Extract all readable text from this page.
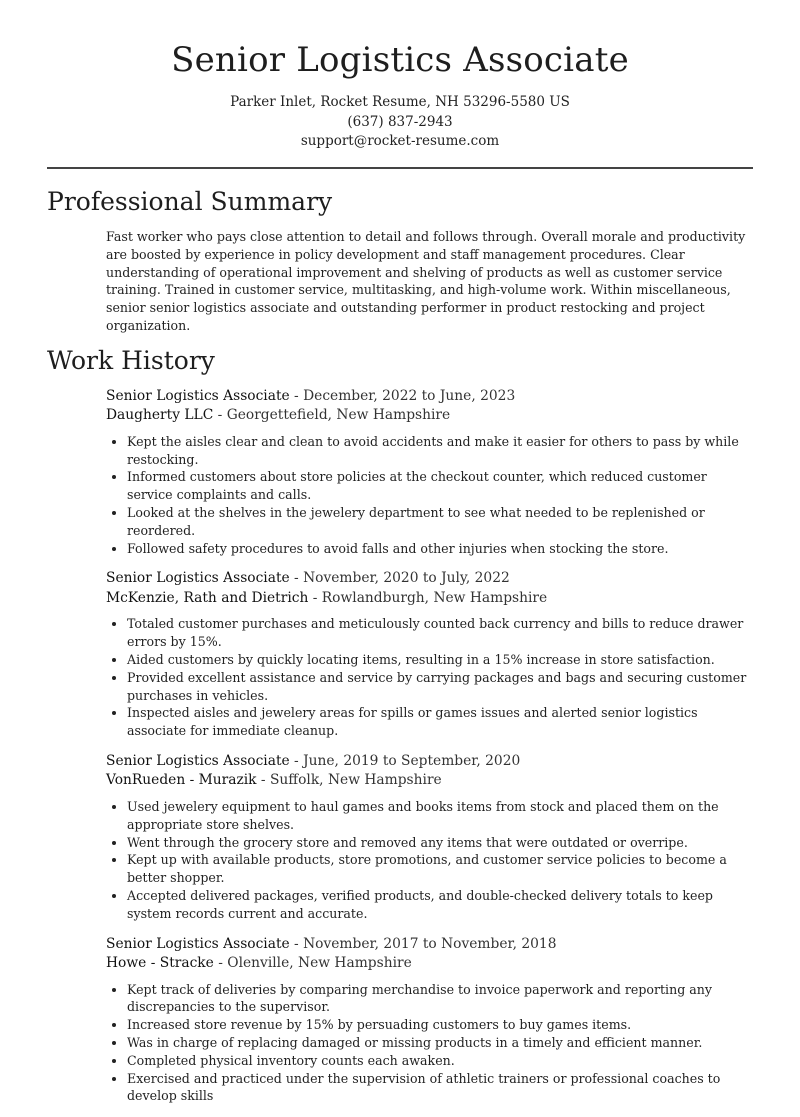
Senior Logistics Associate
Parker Inlet, Rocket Resume, NH 53296-5580 US
(637) 837-2943
support@rocket-resume.com
Professional Summary

Fast worker who pays close attention to detail and follows through. Overall morale and productivity are boosted by experience in policy development and staff management procedures. Clear understanding of operational improvement and shelving of products as well as customer service training. Trained in customer service, multitasking, and high-volume work. Within miscellaneous, senior senior logistics associate and outstanding performer in product restocking and project organization.

Work History
Senior Logistics Associate - December, 2022 to June, 2023
Daugherty LLC - Georgettefield, New Hampshire
• Kept the aisles clear and clean to avoid accidents and make it easier for others to pass by while restocking.
• Informed customers about store policies at the checkout counter, which reduced customer service complaints and calls.
• Looked at the shelves in the jewelery department to see what needed to be replenished or reordered.
• Followed safety procedures to avoid falls and other injuries when stocking the store.
Senior Logistics Associate - November, 2020 to July, 2022
McKenzie, Rath and Dietrich - Rowlandburgh, New Hampshire
• Totaled customer purchases and meticulously counted back currency and bills to reduce drawer errors by 15%.
• Aided customers by quickly locating items, resulting in a 15% increase in store satisfaction.
• Provided excellent assistance and service by carrying packages and bags and securing customer purchases in vehicles.
• Inspected aisles and jewelery areas for spills or games issues and alerted senior logistics associate for immediate cleanup.
Senior Logistics Associate - June, 2019 to September, 2020
VonRueden - Murazik - Suffolk, New Hampshire
• Used jewelery equipment to haul games and books items from stock and placed them on the appropriate store shelves.
• Went through the grocery store and removed any items that were outdated or overripe.
• Kept up with available products, store promotions, and customer service policies to become a better shopper.
• Accepted delivered packages, verified products, and double-checked delivery totals to keep system records current and accurate.
Senior Logistics Associate - November, 2017 to November, 2018
Howe - Stracke - Olenville, New Hampshire
• Kept track of deliveries by comparing merchandise to invoice paperwork and reporting any discrepancies to the supervisor.
• Increased store revenue by 15% by persuading customers to buy games items.
• Was in charge of replacing damaged or missing products in a timely and efficient manner.
• Completed physical inventory counts each awaken.
• Exercised and practiced under the supervision of athletic trainers or professional coaches to develop skills
